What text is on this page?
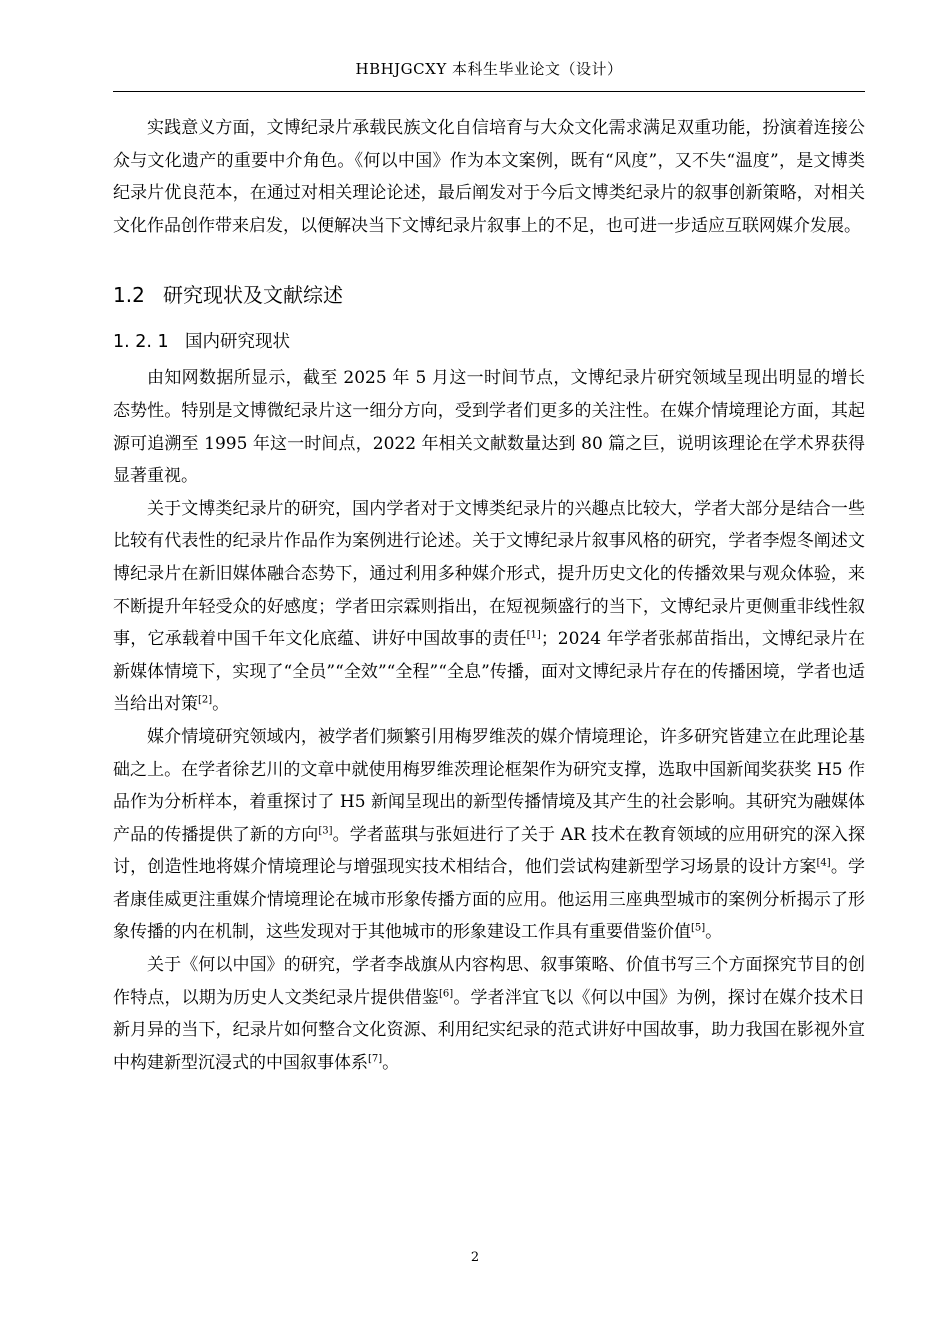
HBHJGCXY 本科生毕业论文（设计）

实践意义方面，文博纪录片承载民族文化自信培育与大众文化需求满足双重功能，扮演着连接公众与文化遗产的重要中介角色。《何以中国》作为本文案例，既有“风度”，又不失“温度”，是文博类纪录片优良范本，在通过对相关理论论述，最后阐发对于今后文博类纪录片的叙事创新策略，对相关文化作品创作带来启发，以便解决当下文博纪录片叙事上的不足，也可进一步适应互联网媒介发展。

1.2 研究现状及文献综述
1. 2. 1 国内研究现状

由知网数据所显示，截至 2025 年 5 月这一时间节点，文博纪录片研究领域呈现出明显的增长态势性。特别是文博微纪录片这一细分方向，受到学者们更多的关注性。在媒介情境理论方面，其起源可追溯至 1995 年这一时间点，2022 年相关文献数量达到 80 篇之巨，说明该理论在学术界获得显著重视。

关于文博类纪录片的研究，国内学者对于文博类纪录片的兴趣点比较大，学者大部分是结合一些比较有代表性的纪录片作品作为案例进行论述。关于文博纪录片叙事风格的研究，学者李煜冬阐述文博纪录片在新旧媒体融合态势下，通过利用多种媒介形式，提升历史文化的传播效果与观众体验，来不断提升年轻受众的好感度；学者田宗霖则指出，在短视频盛行的当下，文博纪录片更侧重非线性叙事，它承载着中国千年文化底蕴、讲好中国故事的责任[1]；2024 年学者张郝苗指出，文博纪录片在新媒体情境下，实现了“全员”“全效”“全程”“全息”传播，面对文博纪录片存在的传播困境，学者也适当给出对策[2]。

媒介情境研究领域内，被学者们频繁引用梅罗维茨的媒介情境理论，许多研究皆建立在此理论基础之上。在学者徐艺川的文章中就使用梅罗维茨理论框架作为研究支撑，选取中国新闻奖获奖 H5 作品作为分析样本，着重探讨了 H5 新闻呈现出的新型传播情境及其产生的社会影响。其研究为融媒体产品的传播提供了新的方向[3]。学者蓝琪与张姮进行了关于 AR 技术在教育领域的应用研究的深入探讨，创造性地将媒介情境理论与增强现实技术相结合，他们尝试构建新型学习场景的设计方案[4]。学者康佳威更注重媒介情境理论在城市形象传播方面的应用。他运用三座典型城市的案例分析揭示了形象传播的内在机制，这些发现对于其他城市的形象建设工作具有重要借鉴价值[5]。

关于《何以中国》的研究，学者李战旗从内容构思、叙事策略、价值书写三个方面探究节目的创作特点，以期为历史人文类纪录片提供借鉴[6]。学者泮宜飞以《何以中国》为例，探讨在媒介技术日新月异的当下，纪录片如何整合文化资源、利用纪实纪录的范式讲好中国故事，助力我国在影视外宣中构建新型沉浸式的中国叙事体系[7]。

2
